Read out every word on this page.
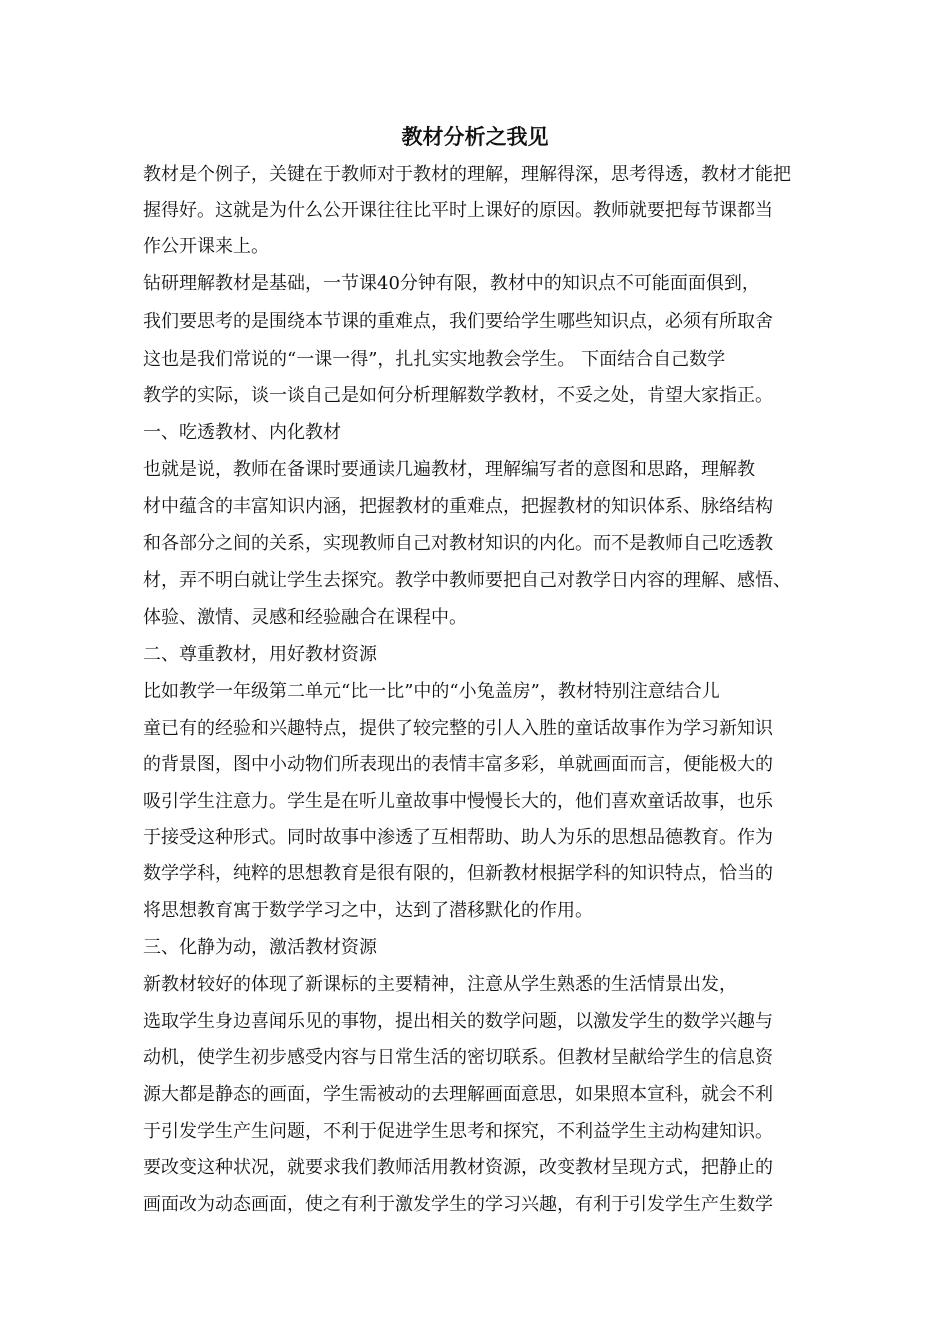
教材分析之我见
教材是个例子，关键在于教师对于教材的理解，理解得深，思考得透，教材才能把
握得好。这就是为什么公开课往往比平时上课好的原因。教师就要把每节课都当
作公开课来上。
钻研理解教材是基础，一节课40分钟有限，教材中的知识点不可能面面俱到，
我们要思考的是围绕本节课的重难点，我们要给学生哪些知识点，必须有所取舍
这也是我们常说的“一课一得”，扎扎实实地教会学生。 下面结合自己数学
教学的实际，谈一谈自己是如何分析理解数学教材，不妥之处，肯望大家指正。
一、吃透教材、内化教材
也就是说，教师在备课时要通读几遍教材，理解编写者的意图和思路，理解教
材中蕴含的丰富知识内涵，把握教材的重难点，把握教材的知识体系、脉络结构
和各部分之间的关系，实现教师自己对教材知识的内化。而不是教师自己吃透教
材，弄不明白就让学生去探究。教学中教师要把自己对教学日内容的理解、感悟、
体验、激情、灵感和经验融合在课程中。
二、尊重教材，用好教材资源
比如教学一年级第二单元“比一比”中的“小兔盖房”，教材特别注意结合儿
童已有的经验和兴趣特点，提供了较完整的引人入胜的童话故事作为学习新知识
的背景图，图中小动物们所表现出的表情丰富多彩，单就画面而言，便能极大的
吸引学生注意力。学生是在听儿童故事中慢慢长大的，他们喜欢童话故事，也乐
于接受这种形式。同时故事中渗透了互相帮助、助人为乐的思想品德教育。作为
数学学科，纯粹的思想教育是很有限的，但新教材根据学科的知识特点，恰当的
将思想教育寓于数学学习之中，达到了潜移默化的作用。
三、化静为动，激活教材资源
新教材较好的体现了新课标的主要精神，注意从学生熟悉的生活情景出发，
选取学生身边喜闻乐见的事物，提出相关的数学问题，以激发学生的数学兴趣与
动机，使学生初步感受内容与日常生活的密切联系。但教材呈献给学生的信息资
源大都是静态的画面，学生需被动的去理解画面意思，如果照本宣科，就会不利
于引发学生产生问题，不利于促进学生思考和探究，不利益学生主动构建知识。
要改变这种状况，就要求我们教师活用教材资源，改变教材呈现方式，把静止的
画面改为动态画面，使之有利于激发学生的学习兴趣，有利于引发学生产生数学
